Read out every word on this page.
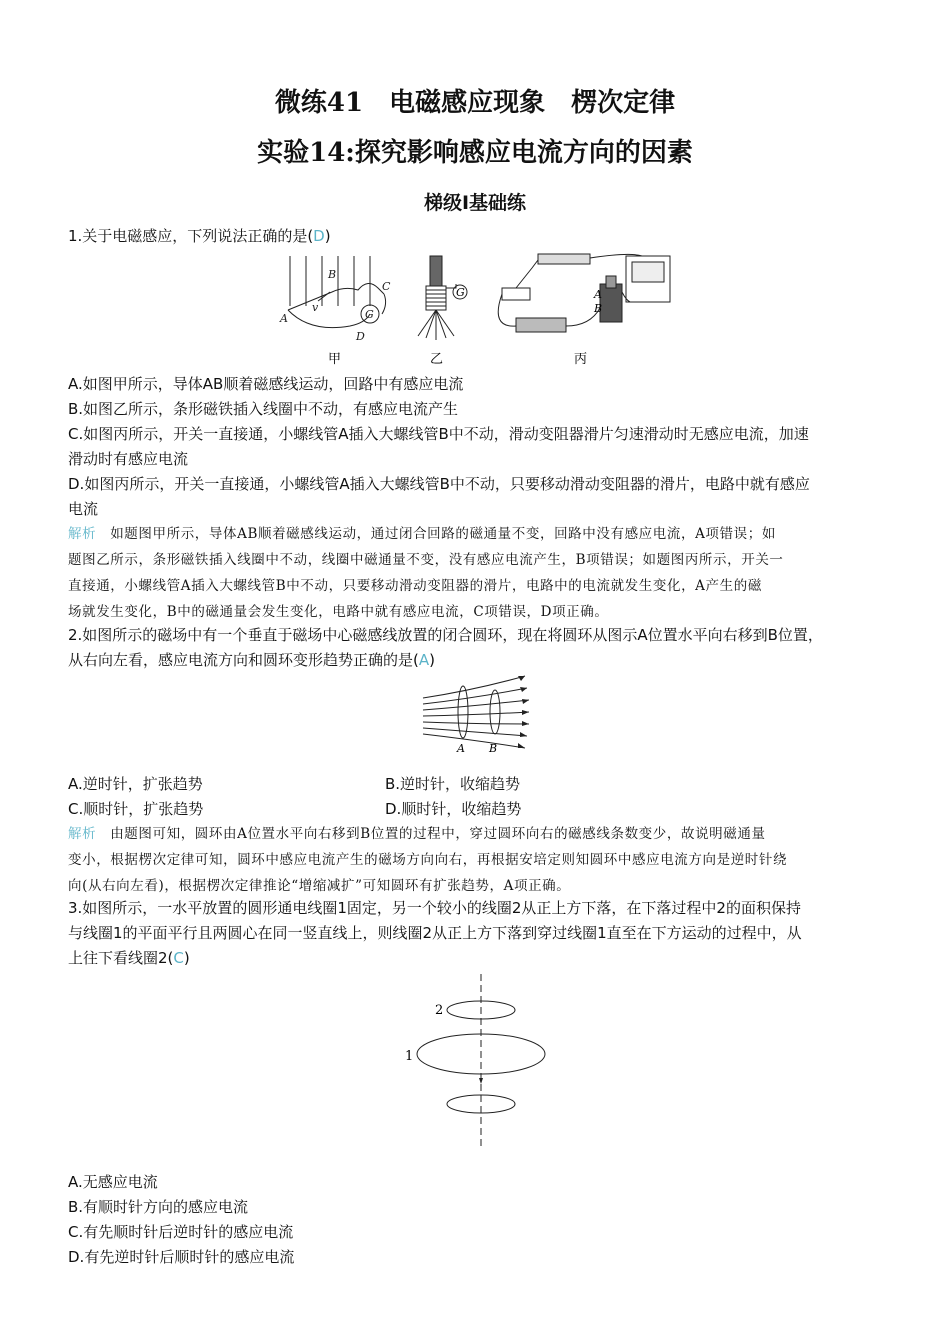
微练41　电磁感应现象　楞次定律
实验14:探究影响感应电流方向的因素
梯级Ⅰ基础练
1.关于电磁感应，下列说法正确的是(D)
A
B
C
D
G
v
甲
G
乙
A
B
丙
A.如图甲所示，导体AB顺着磁感线运动，回路中有感应电流
B.如图乙所示，条形磁铁插入线圈中不动，有感应电流产生
C.如图丙所示，开关一直接通，小螺线管A插入大螺线管B中不动，滑动变阻器滑片匀速滑动时无感应电流，加速
滑动时有感应电流
D.如图丙所示，开关一直接通，小螺线管A插入大螺线管B中不动，只要移动滑动变阻器的滑片，电路中就有感应
电流
解析 如题图甲所示，导体AB顺着磁感线运动，通过闭合回路的磁通量不变，回路中没有感应电流，A项错误；如
题图乙所示，条形磁铁插入线圈中不动，线圈中磁通量不变，没有感应电流产生，B项错误；如题图丙所示，开关一
直接通，小螺线管A插入大螺线管B中不动，只要移动滑动变阻器的滑片，电路中的电流就发生变化，A产生的磁
场就发生变化，B中的磁通量会发生变化，电路中就有感应电流，C项错误，D项正确。
2.如图所示的磁场中有一个垂直于磁场中心磁感线放置的闭合圆环，现在将圆环从图示A位置水平向右移到B位置，
从右向左看，感应电流方向和圆环变形趋势正确的是(A)
A B
A.逆时针，扩张趋势	B.逆时针，收缩趋势
C.顺时针，扩张趋势	D.顺时针，收缩趋势
解析 由题图可知，圆环由A位置水平向右移到B位置的过程中，穿过圆环向右的磁感线条数变少，故说明磁通量
变小，根据楞次定律可知，圆环中感应电流产生的磁场方向向右，再根据安培定则知圆环中感应电流方向是逆时针绕
向(从右向左看)，根据楞次定律推论“增缩减扩”可知圆环有扩张趋势，A项正确。
3.如图所示，一水平放置的圆形通电线圈1固定，另一个较小的线圈2从正上方下落，在下落过程中2的面积保持
与线圈1的平面平行且两圆心在同一竖直线上，则线圈2从正上方下落到穿过线圈1直至在下方运动的过程中，从
上往下看线圈2(C)
2
1
A.无感应电流
B.有顺时针方向的感应电流
C.有先顺时针后逆时针的感应电流
D.有先逆时针后顺时针的感应电流
